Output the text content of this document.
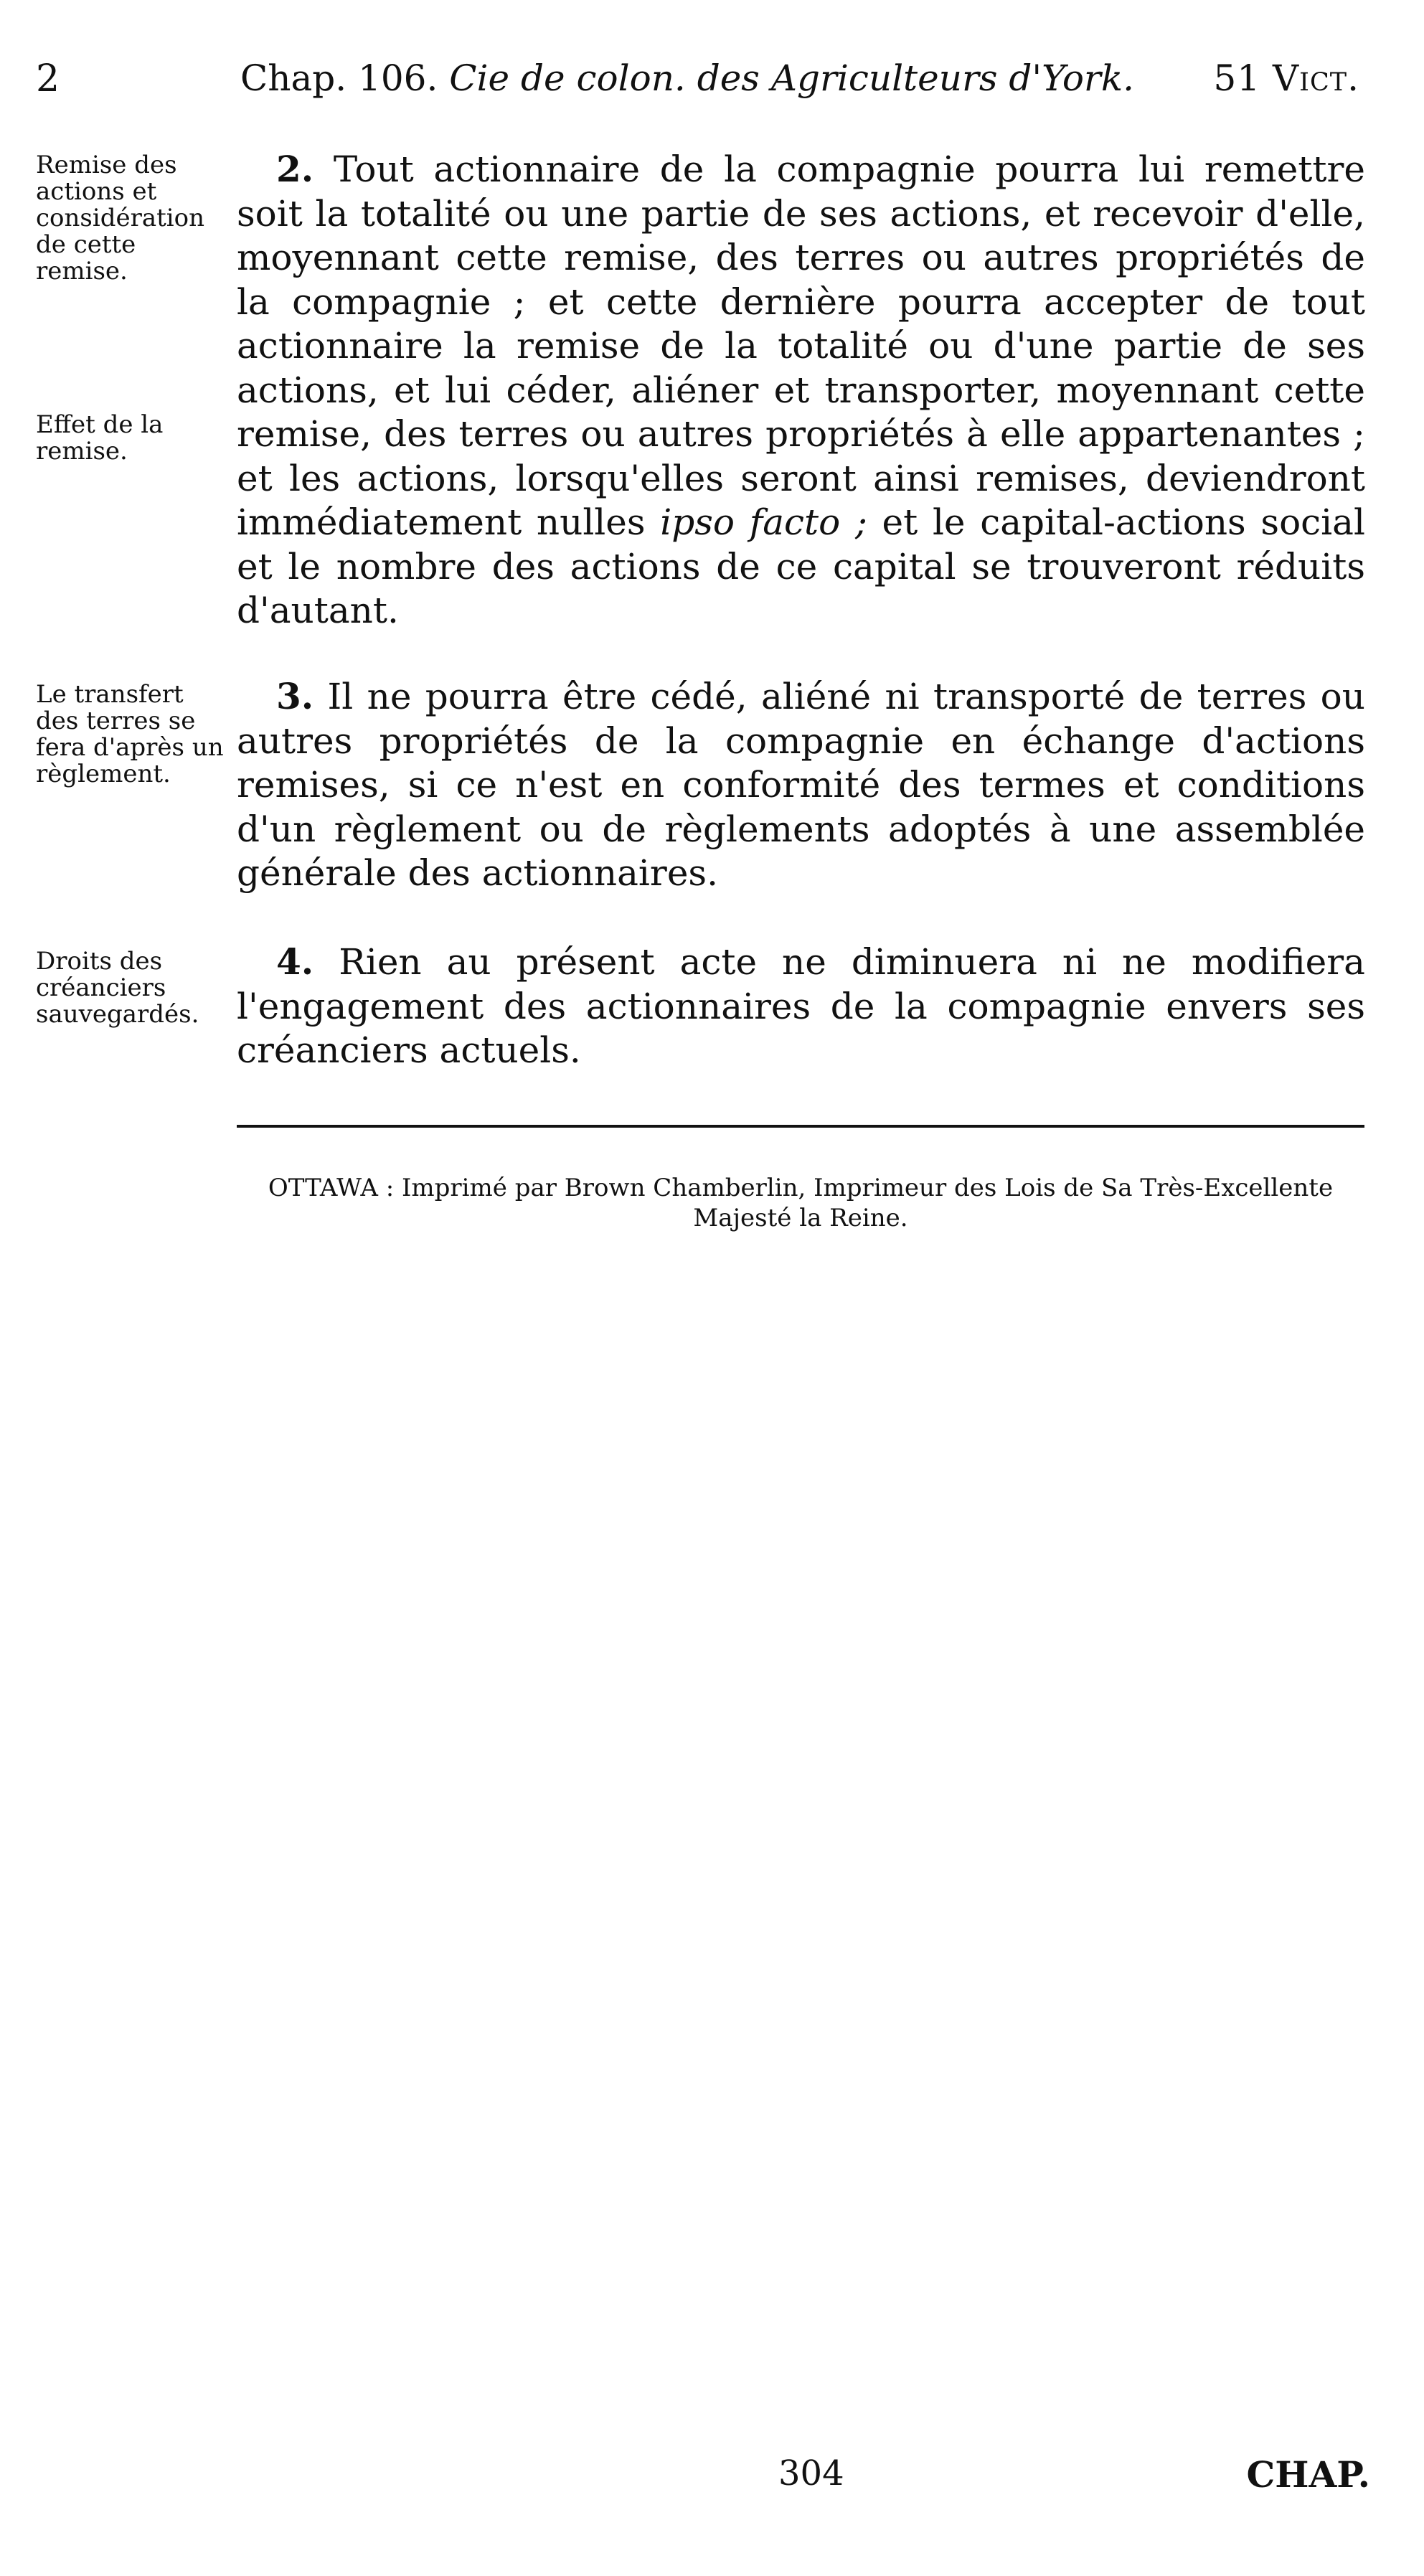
2	Chap. 106. Cie de colon. des Agriculteurs d'York. 51 Vict.
Remise des actions et considération de cette remise.
Effet de la remise.
Le transfert des terres se fera d'après un règlement.
Droits des créanciers sauvegardés.

2. Tout actionnaire de la compagnie pourra lui remettre soit la totalité ou une partie de ses actions, et recevoir d'elle, moyennant cette remise, des terres ou autres propriétés de la compagnie ; et cette dernière pourra accepter de tout actionnaire la remise de la totalité ou d'une partie de ses actions, et lui céder, aliéner et transporter, moyennant cette remise, des terres ou autres propriétés à elle appartenantes ; et les actions, lorsqu'elles seront ainsi remises, deviendront immédiatement nulles ipso facto ; et le capital-actions social et le nombre des actions de ce capital se trouveront réduits d'autant.

3. Il ne pourra être cédé, aliéné ni transporté de terres ou autres propriétés de la compagnie en échange d'actions remises, si ce n'est en conformité des termes et conditions d'un règlement ou de règlements adoptés à une assemblée générale des actionnaires.

4. Rien au présent acte ne diminuera ni ne modifiera l'engagement des actionnaires de la compagnie envers ses créanciers actuels.

OTTAWA : Imprimé par Brown Chamberlin, Imprimeur des Lois de Sa Très-Excellente Majesté la Reine.
304	CHAP.
